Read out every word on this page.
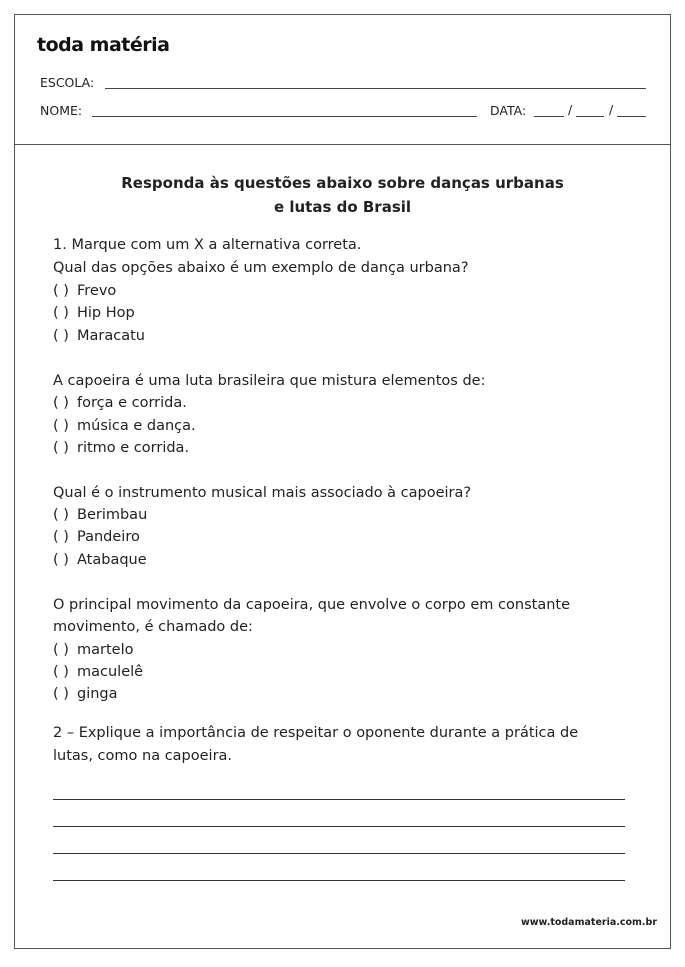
toda matéria
ESCOLA:
NOME:	DATA:	/	/
Responda às questões abaixo sobre danças urbanas
e lutas do Brasil
1. Marque com um X a alternativa correta.
Qual das opções abaixo é um exemplo de dança urbana?
( ) Frevo
( ) Hip Hop
( ) Maracatu
A capoeira é uma luta brasileira que mistura elementos de:
( ) força e corrida.
( ) música e dança.
( ) ritmo e corrida.
Qual é o instrumento musical mais associado à capoeira?
( ) Berimbau
( ) Pandeiro
( ) Atabaque
O principal movimento da capoeira, que envolve o corpo em constante
movimento, é chamado de:
( ) martelo
( ) maculelê
( ) ginga
2 – Explique a importância de respeitar o oponente durante a prática de
lutas, como na capoeira.
www.todamateria.com.br
